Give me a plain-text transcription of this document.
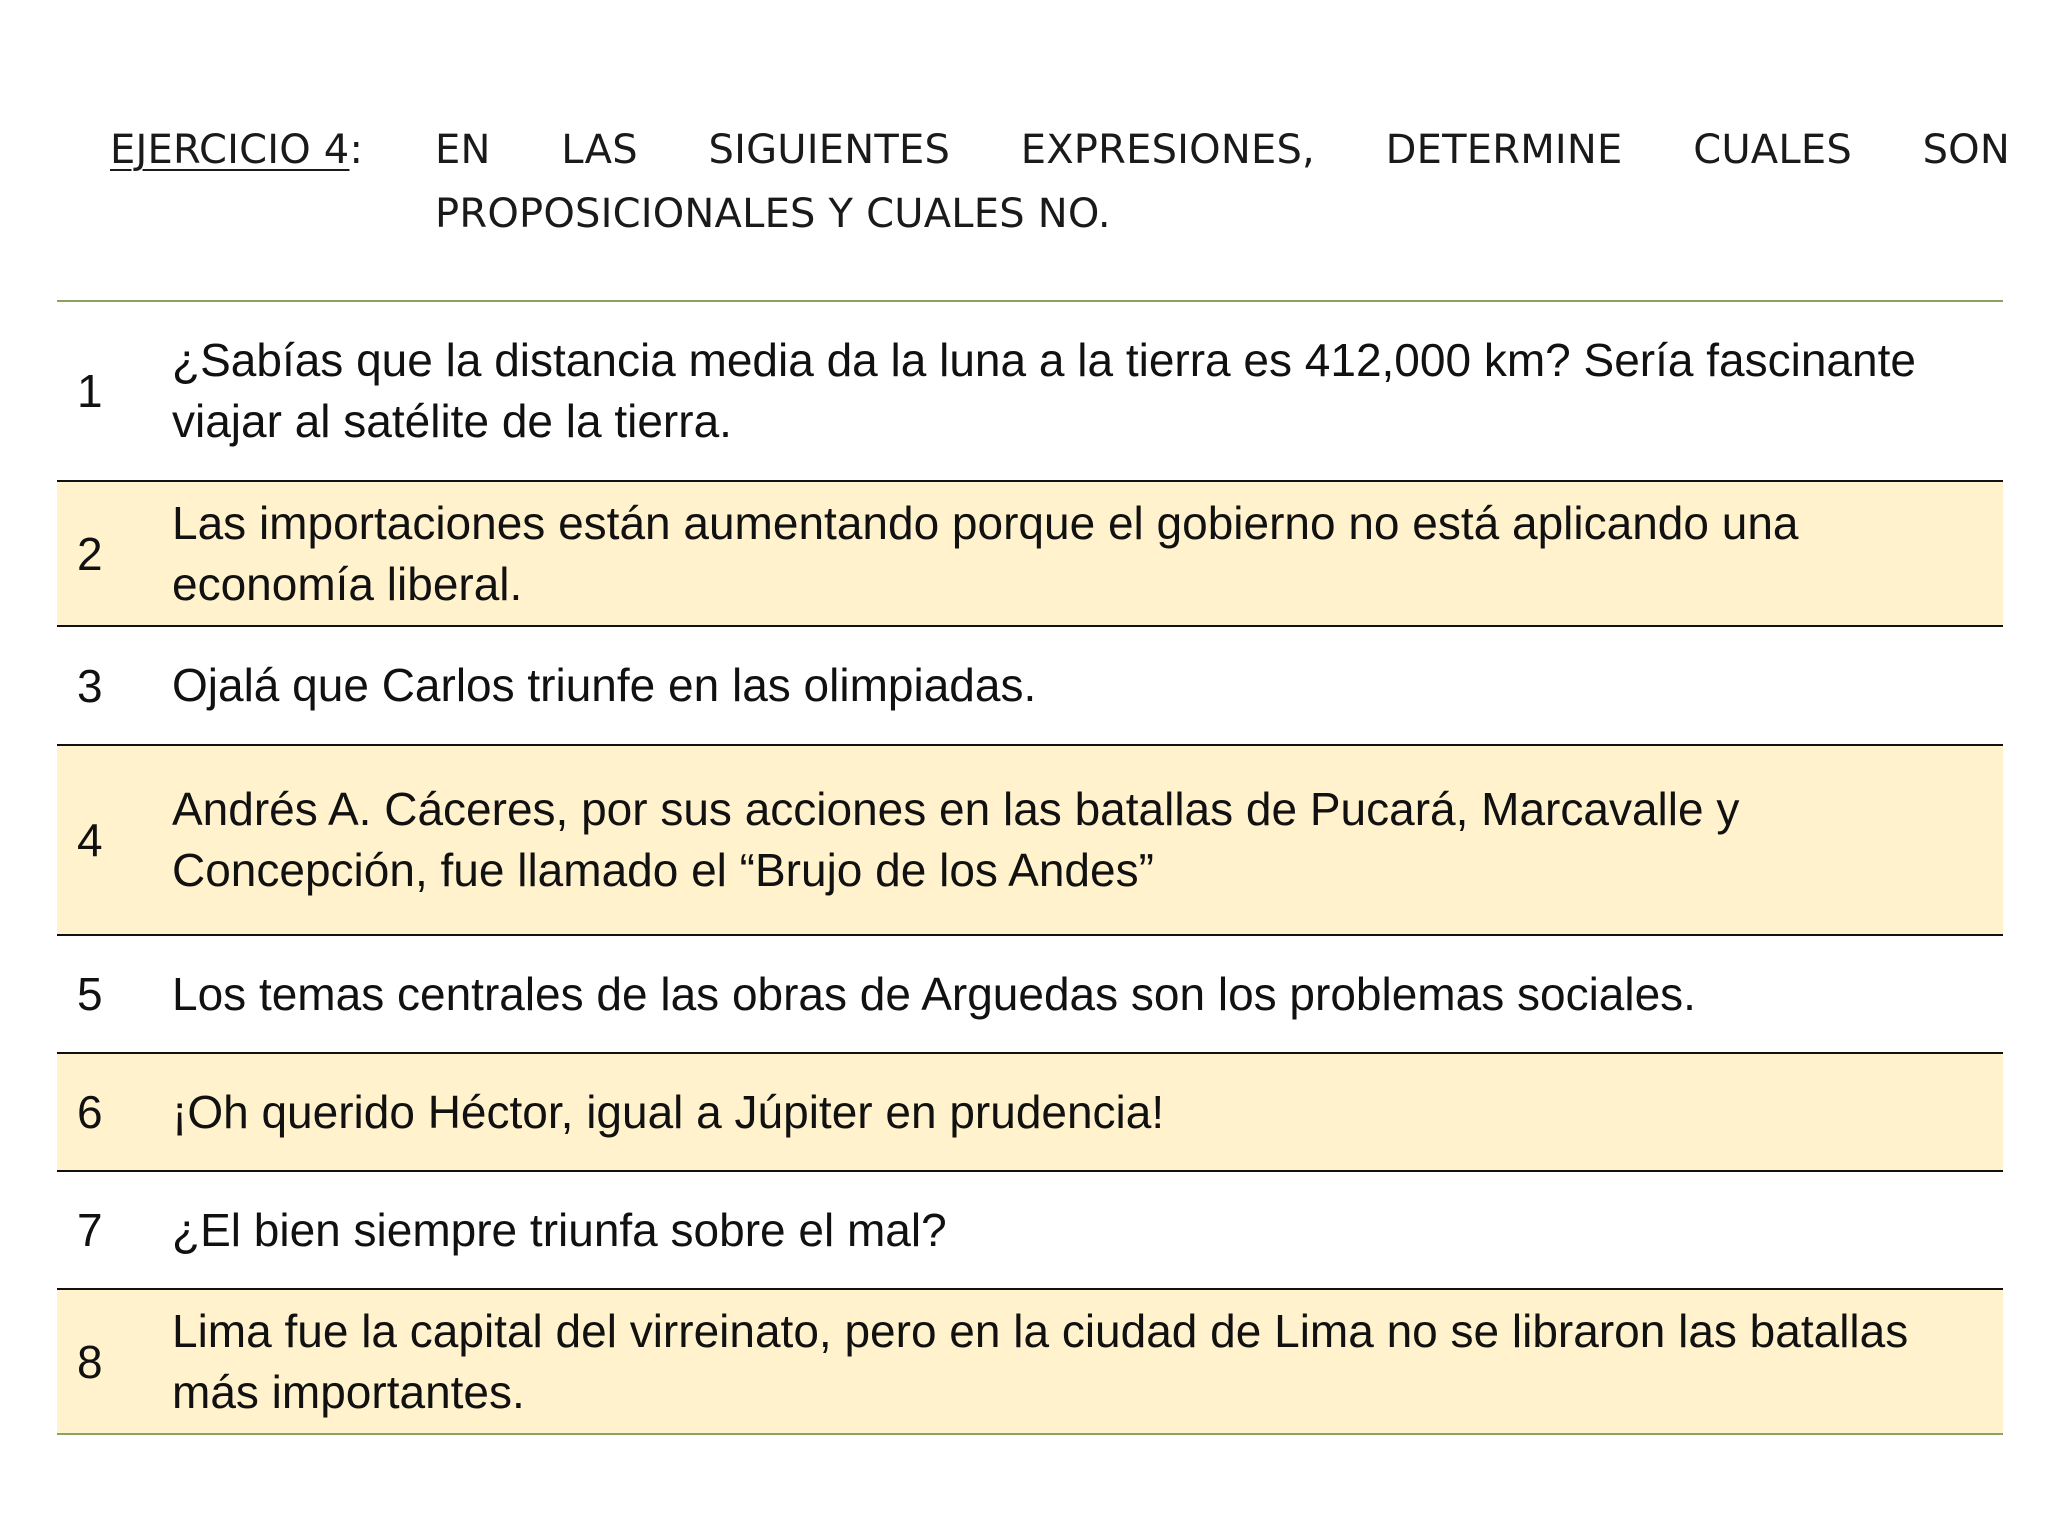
EJERCICIO 4: EN LAS SIGUIENTES EXPRESIONES, DETERMINE CUALES SON
PROPOSICIONALES Y CUALES NO.
1
¿Sabías que la distancia media da la luna a la tierra es 412,000 km? Sería fascinante viajar al satélite de la tierra.
2
Las importaciones están aumentando porque el gobierno no está aplicando una economía liberal.
3 Ojalá que Carlos triunfe en las olimpiadas.
4
Andrés A. Cáceres, por sus acciones en las batallas de Pucará, Marcavalle y Concepción, fue llamado el “Brujo de los Andes”
5 Los temas centrales de las obras de Arguedas son los problemas sociales.
6 ¡Oh querido Héctor, igual a Júpiter en prudencia!
7 ¿El bien siempre triunfa sobre el mal?
8
Lima fue la capital del virreinato, pero en la ciudad de Lima no se libraron las batallas más importantes.
